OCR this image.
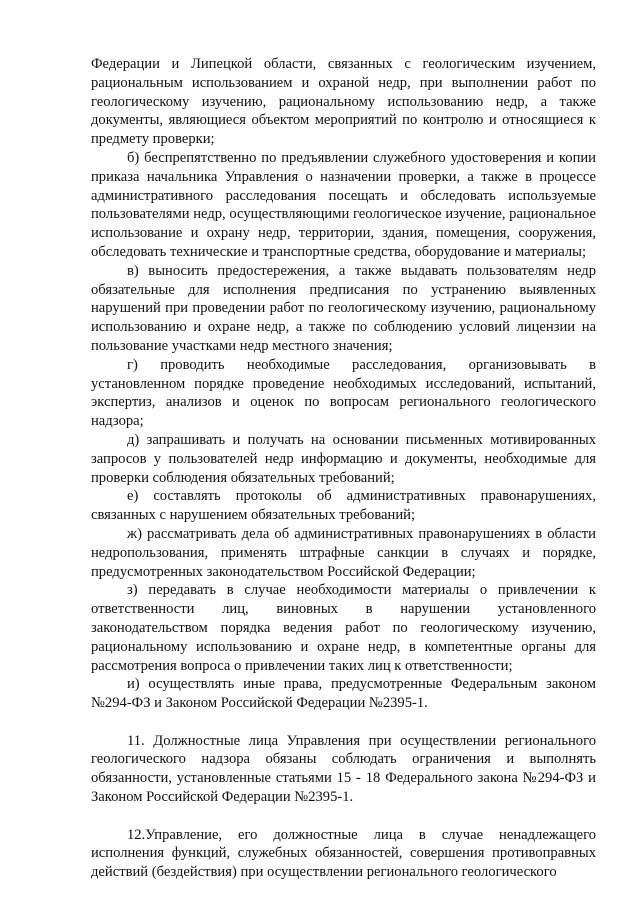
Федерации и Липецкой области, связанных с геологическим изучением, рациональным использованием и охраной недр, при выполнении работ по геологическому изучению, рациональному использованию недр, а также документы, являющиеся объектом мероприятий по контролю и относящиеся к предмету проверки;

б) беспрепятственно по предъявлении служебного удостоверения и копии приказа начальника Управления о назначении проверки, а также в процессе административного расследования посещать и обследовать используемые пользователями недр, осуществляющими геологическое изучение, рациональное использование и охрану недр, территории, здания, помещения, сооружения, обследовать технические и транспортные средства, оборудование и материалы;

в) выносить предостережения, а также выдавать пользователям недр обязательные для исполнения предписания по устранению выявленных нарушений при проведении работ по геологическому изучению, рациональному использованию и охране недр, а также по соблюдению условий лицензии на пользование участками недр местного значения;

г) проводить необходимые расследования, организовывать в установленном порядке проведение необходимых исследований, испытаний, экспертиз, анализов и оценок по вопросам регионального геологического надзора;

д) запрашивать и получать на основании письменных мотивированных запросов у пользователей недр информацию и документы, необходимые для проверки соблюдения обязательных требований;

е) составлять протоколы об административных правонарушениях, связанных с нарушением обязательных требований;

ж) рассматривать дела об административных правонарушениях в области недропользования, применять штрафные санкции в случаях и порядке, предусмотренных законодательством Российской Федерации;

з) передавать в случае необходимости материалы о привлечении к ответственности лиц, виновных в нарушении установленного законодательством порядка ведения работ по геологическому изучению, рациональному использованию и охране недр, в компетентные органы для рассмотрения вопроса о привлечении таких лиц к ответственности;

и) осуществлять иные права, предусмотренные Федеральным законом №294-ФЗ и Законом Российской Федерации №2395-1.

11. Должностные лица Управления при осуществлении регионального геологического надзора обязаны соблюдать ограничения и выполнять обязанности, установленные статьями 15 - 18 Федерального закона №294-ФЗ и Законом Российской Федерации №2395-1.

12.Управление, его должностные лица в случае ненадлежащего исполнения функций, служебных обязанностей, совершения противоправных действий (бездействия) при осуществлении регионального геологического
